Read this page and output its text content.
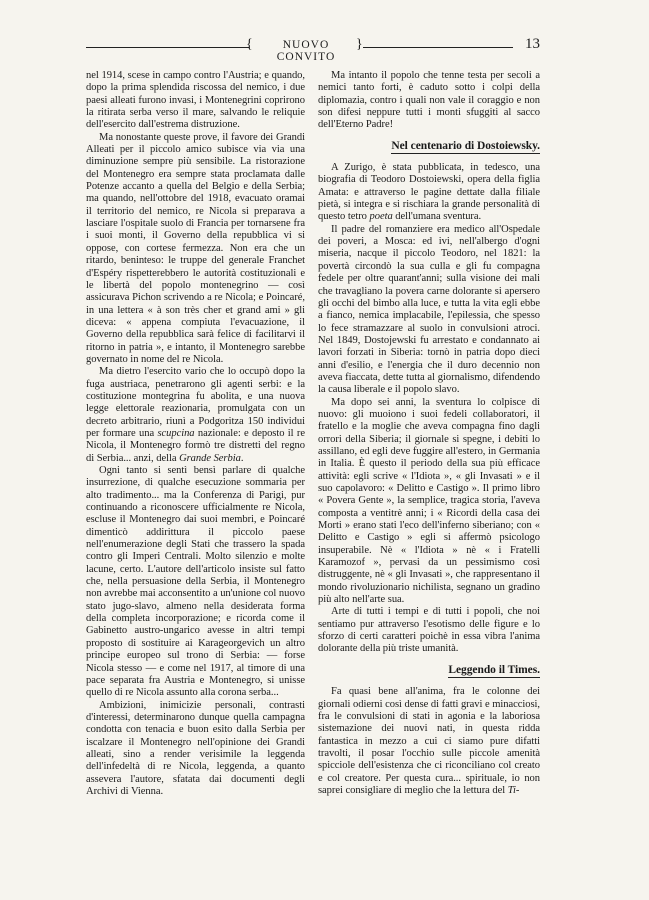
{	NUOVO CONVITO
}	13

nel 1914, scese in campo contro l'Austria; e quando, dopo la prima splendida riscossa del nemico, i due paesi alleati furono invasi, i Montenegrini coprirono la ritirata serba verso il mare, salvando le reliquie dell'esercito dall'estrema distruzione.

Ma nonostante queste prove, il favore dei Grandi Alleati per il piccolo amico subisce via via una diminuzione sempre più sensibile. La ristorazione del Montenegro era sempre stata proclamata dalle Potenze accanto a quella del Belgio e della Serbia; ma quando, nell'ottobre del 1918, evacuato oramai il territorio del nemico, re Nicola si preparava a lasciare l'ospitale suolo di Francia per tornarsene fra i suoi monti, il Governo della repubblica vi si oppose, con cortese fermezza. Non era che un ritardo, beninteso: le truppe del generale Franchet d'Espéry rispetterebbero le autorità costituzionali e le libertà del popolo montenegrino — così assicurava Pichon scrivendo a re Nicola; e Poincaré, in una lettera « à son très cher et grand ami » gli diceva: « appena compiuta l'evacuazione, il Governo della repubblica sarà felice di facilitarvi il ritorno in patria », e intanto, il Montenegro sarebbe governato in nome del re Nicola.

Ma dietro l'esercito vario che lo occupò dopo la fuga austriaca, penetrarono gli agenti serbi: e la costituzione montegrina fu abolita, e una nuova legge elettorale reazionaria, promulgata con un decreto arbitrario, riunì a Podgoritza 150 individui per formare una scupcina nazionale: e deposto il re Nicola, il Montenegro formò tre distretti del regno di Serbia... anzi, della Grande Serbia.

Ogni tanto si sentì bensì parlare di qualche insurrezione, di qualche esecuzione sommaria per alto tradimento... ma la Conferenza di Parigi, pur continuando a riconoscere ufficialmente re Nicola, escluse il Montenegro dai suoi membri, e Poincaré dimenticò addirittura il piccolo paese nell'enumerazione degli Stati che trassero la spada contro gli Imperi Centrali. Molto silenzio e molte lacune, certo. L'autore dell'articolo insiste sul fatto che, nella persuasione della Serbia, il Montenegro non avrebbe mai acconsentito a un'unione col nuovo stato jugo-slavo, almeno nella desiderata forma della completa incorporazione; e ricorda come il Gabinetto austro-ungarico avesse in altri tempi proposto di sostituire ai Karageorgevich un altro principe europeo sul trono di Serbia: — forse Nicola stesso — e come nel 1917, al timore di una pace separata fra Austria e Montenegro, si unisse quello di re Nicola assunto alla corona serba...

Ambizioni, inimicizie personali, contrasti d'interessi, determinarono dunque quella campagna condotta con tenacia e buon esito dalla Serbia per iscalzare il Montenegro nell'opinione dei Grandi alleati, sino a render verisimile la leggenda dell'infedeltà di re Nicola, leggenda, a quanto assevera l'autore, sfatata dai documenti degli Archivi di Vienna.

Ma intanto il popolo che tenne testa per secoli a nemici tanto forti, è caduto sotto i colpi della diplomazia, contro i quali non vale il coraggio e non son difesi neppure tutti i monti sfuggiti al sacco dell'Eterno Padre!

Nel centenario di Dostoiewsky.

A Zurigo, è stata pubblicata, in tedesco, una biografia di Teodoro Dostoiewski, opera della figlia Amata: e attraverso le pagine dettate dalla filiale pietà, si integra e si rischiara la grande personalità di questo tetro poeta dell'umana sventura.

Il padre del romanziere era medico all'Ospedale dei poveri, a Mosca: ed ivi, nell'albergo d'ogni miseria, nacque il piccolo Teodoro, nel 1821: la povertà circondò la sua culla e gli fu compagna fedele per oltre quarant'anni; sulla visione dei mali che travagliano la povera carne dolorante si apersero gli occhi del bimbo alla luce, e tutta la vita egli ebbe a fianco, nemica implacabile, l'epilessia, che spesso lo fece stramazzare al suolo in convulsioni atroci. Nel 1849, Dostojewski fu arrestato e condannato ai lavori forzati in Siberia: tornò in patria dopo dieci anni d'esilio, e l'energia che il duro decennio non aveva fiaccata, dette tutta al giornalismo, difendendo la causa liberale e il popolo slavo.

Ma dopo sei anni, la sventura lo colpisce di nuovo: gli muoiono i suoi fedeli collaboratori, il fratello e la moglie che aveva compagna fino dagli orrori della Siberia; il giornale si spegne, i debiti lo assillano, ed egli deve fuggire all'estero, in Germania in Italia. È questo il periodo della sua più efficace attività: egli scrive « l'Idiota », « gli Invasati » e il suo capolavoro: « Delitto e Castigo ». Il primo libro « Povera Gente », la semplice, tragica storia, l'aveva composta a ventitrè anni; i « Ricordi della casa dei Morti » erano stati l'eco dell'inferno siberiano; con « Delitto e Castigo » egli si affermò psicologo insuperabile. Nè « l'Idiota » nè « i Fratelli Karamozof », pervasi da un pessimismo così distruggente, nè « gli Invasati », che rappresentano il mondo rivoluzionario nichilista, segnano un gradino più alto nell'arte sua.

Arte di tutti i tempi e di tutti i popoli, che noi sentiamo pur attraverso l'esotismo delle figure e lo sforzo di certi caratteri poichè in essa vibra l'anima dolorante della più triste umanità.

Leggendo il Times.

Fa quasi bene all'anima, fra le colonne dei giornali odierni così dense di fatti gravi e minacciosi, fra le convulsioni di stati in agonia e la laboriosa sistemazione dei nuovi nati, in questa ridda fantastica in mezzo a cui ci siamo pure difatti travolti, il posar l'occhio sulle piccole amenità spicciole dell'esistenza che ci riconciliano col creato e col creatore. Per questa cura... spirituale, io non saprei consigliare di meglio che la lettura del Ti-
